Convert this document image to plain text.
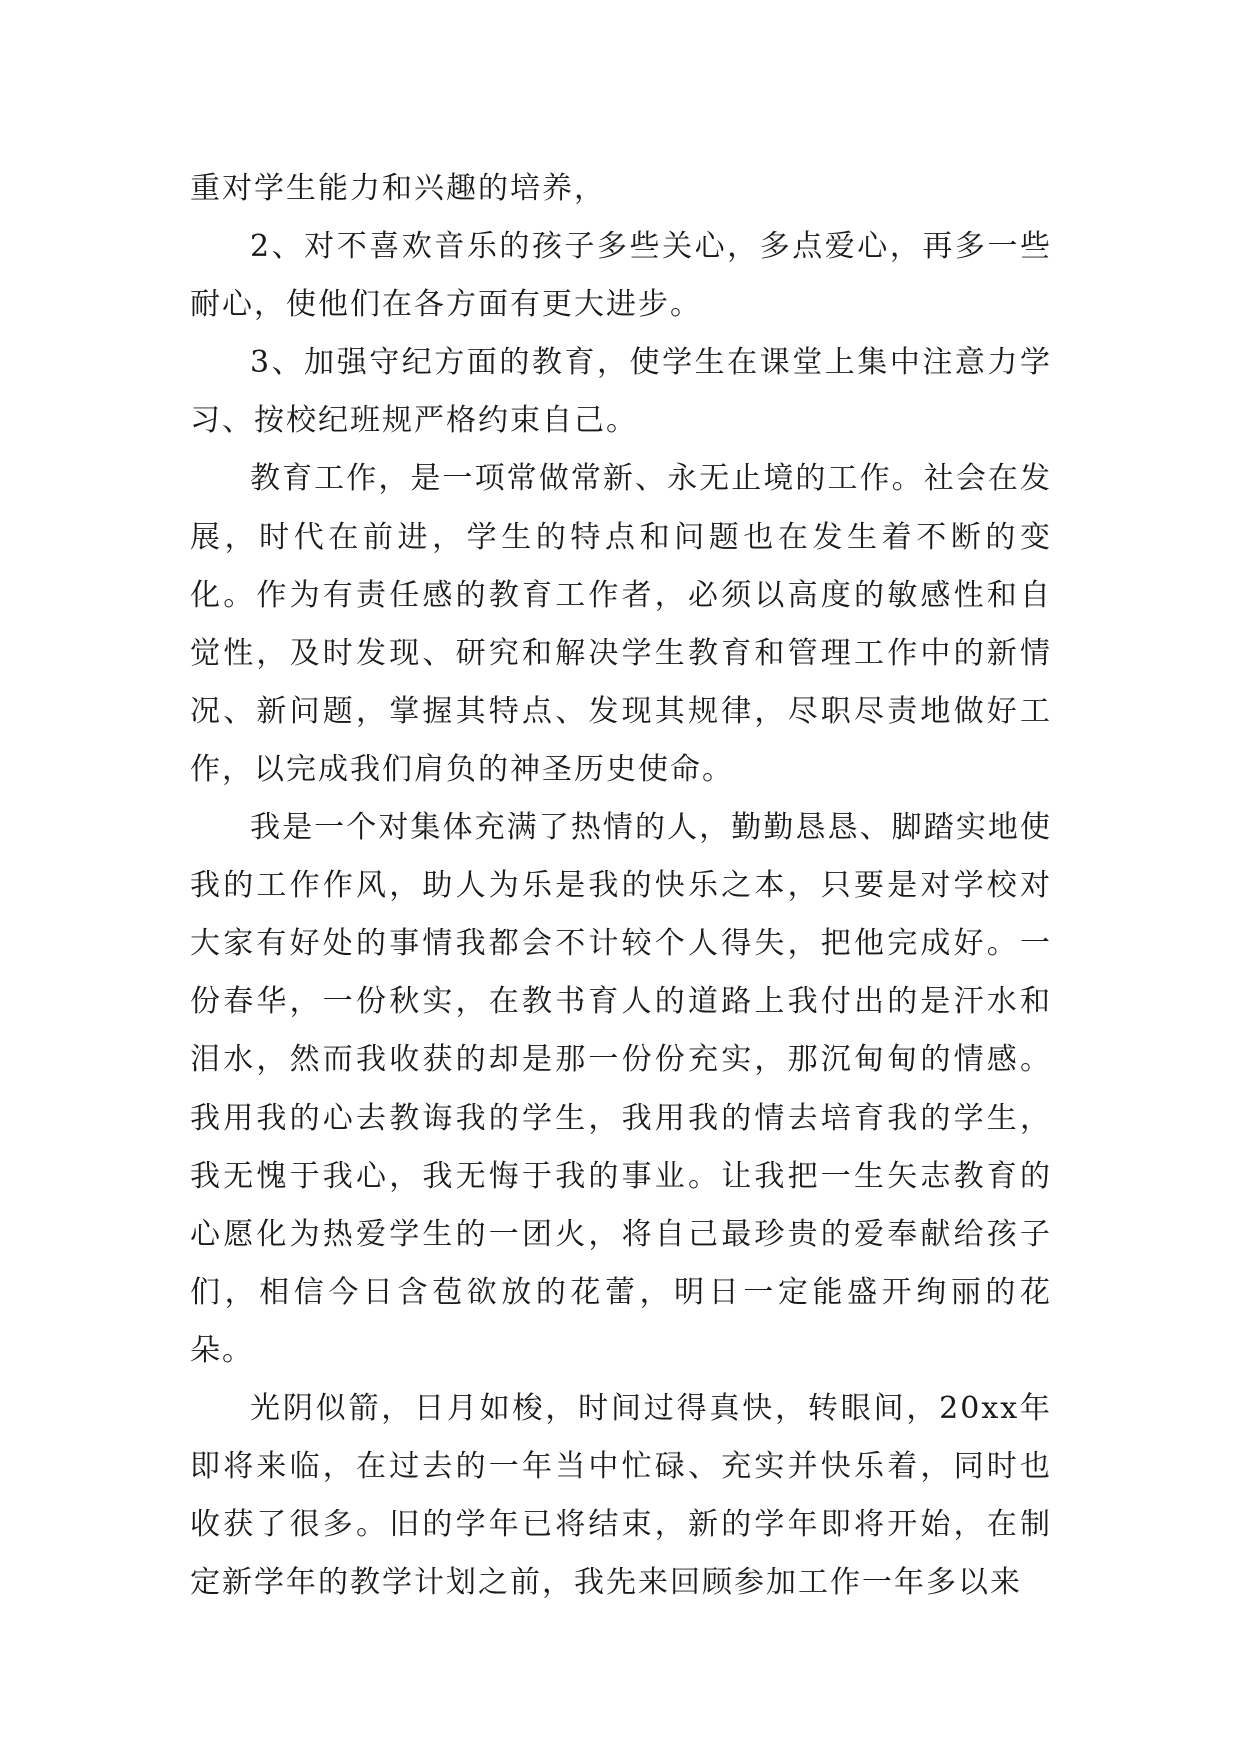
重对学生能力和兴趣的培养，

2、对不喜欢音乐的孩子多些关心，多点爱心，再多一些耐心，使他们在各方面有更大进步。

3、加强守纪方面的教育，使学生在课堂上集中注意力学习、按校纪班规严格约束自己。

教育工作，是一项常做常新、永无止境的工作。社会在发展，时代在前进，学生的特点和问题也在发生着不断的变化。作为有责任感的教育工作者，必须以高度的敏感性和自觉性，及时发现、研究和解决学生教育和管理工作中的新情况、新问题，掌握其特点、发现其规律，尽职尽责地做好工作，以完成我们肩负的神圣历史使命。

我是一个对集体充满了热情的人，勤勤恳恳、脚踏实地使我的工作作风，助人为乐是我的快乐之本，只要是对学校对大家有好处的事情我都会不计较个人得失，把他完成好。一份春华，一份秋实，在教书育人的道路上我付出的是汗水和泪水，然而我收获的却是那一份份充实，那沉甸甸的情感。我用我的心去教诲我的学生，我用我的情去培育我的学生，我无愧于我心，我无悔于我的事业。让我把一生矢志教育的心愿化为热爱学生的一团火，将自己最珍贵的爱奉献给孩子们，相信今日含苞欲放的花蕾，明日一定能盛开绚丽的花朵。

光阴似箭，日月如梭，时间过得真快，转眼间，20xx年即将来临，在过去的一年当中忙碌、充实并快乐着，同时也收获了很多。旧的学年已将结束，新的学年即将开始，在制定新学年的教学计划之前，我先来回顾参加工作一年多以来
